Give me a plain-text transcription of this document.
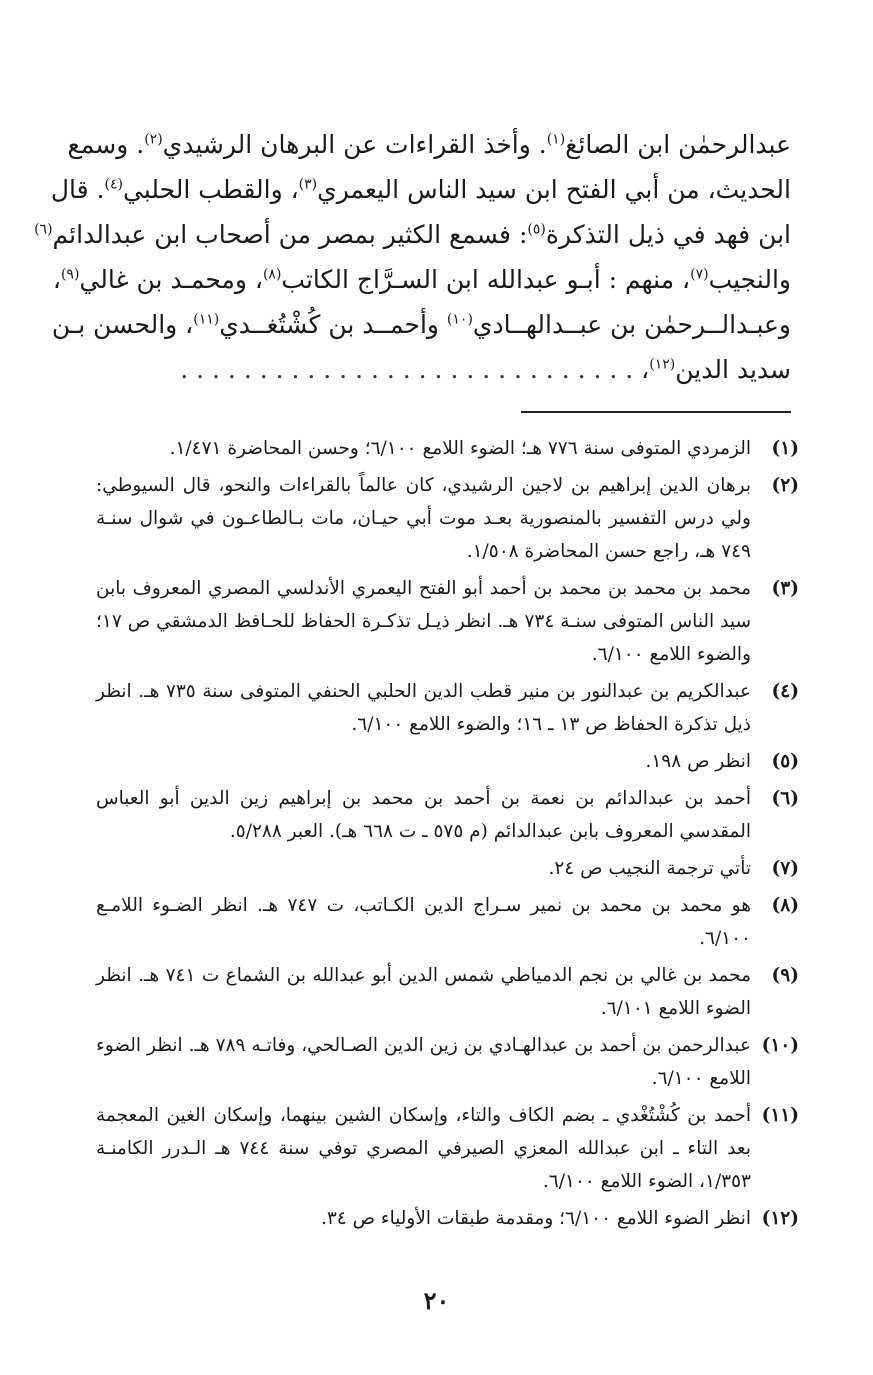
عبدالرحمٰن ابن الصائغ$^{(١)}$. وأخذ القراءات عن البرهان الرشيدي$^{(٢)}$. وسمع
الحديث، من أبي الفتح ابن سيد الناس اليعمري$^{(٣)}$، والقطب الحلبي$^{(٤)}$. قال
ابن فهد في ذيل التذكرة$^{(٥)}$: فسمع الكثير بمصر من أصحاب ابن عبدالدائم$^{(٦)}$
والنجيب$^{(٧)}$، منهم : أبـو عبدالله ابن السـرَّاج الكاتب$^{(٨)}$، ومحمـد بن غالي$^{(٩)}$،
وعبـدالــرحمٰن بن عبــدالهــادي$^{(١٠)}$ وأحمــد بن كُشْتُغــدي$^{(١١)}$، والحسن بـن
سديد الدين$^{(١٢)}$، . . . . . . . . . . . . . . . . . . . . . . . . . . . . .
(١)
الزمردي المتوفى سنة ٧٧٦ هـ؛ الضوء اللامع ٦/١٠٠؛ وحسن المحاضرة ١/٤٧١.
(٢)
برهان الدين إبراهيم بن لاجين الرشيدي، كان عالماً بالقراءات والنحو، قال السيوطي: ولي درس التفسير بالمنصورية بعـد موت أبي حيـان، مات بـالطاعـون في شوال سنـة ٧٤٩ هـ، راجع حسن المحاضرة ١/٥٠٨.
(٣)
محمد بن محمد بن محمد بن أحمد أبو الفتح اليعمري الأندلسي المصري المعروف بابن سيد الناس المتوفى سنـة ٧٣٤ هـ. انظر ذيـل تذكـرة الحفاظ للحـافظ الدمشقي ص ١٧؛ والضوء اللامع ٦/١٠٠.
(٤)
عبدالكريم بن عبدالنور بن منير قطب الدين الحلبي الحنفي المتوفى سنة ٧٣٥ هـ. انظر ذيل تذكرة الحفاظ ص ١٣ ـ ١٦؛ والضوء اللامع ٦/١٠٠.
(٥)
انظر ص ١٩٨.
(٦)
أحمد بن عبدالدائم بن نعمة بن أحمد بن محمد بن إبراهيم زين الدين أبو العباس المقدسي المعروف بابن عبدالدائم (م ٥٧٥ ـ ت ٦٦٨ هـ). العبر ٥/٢٨٨.
(٧)
تأتي ترجمة النجيب ص ٢٤.
(٨)
هو محمد بن محمد بن نمير سـراج الدين الكـاتب، ت ٧٤٧ هـ. انظر الضـوء اللامـع ٦/١٠٠.
(٩)
محمد بن غالي بن نجم الدمياطي شمس الدين أبو عبدالله بن الشماع ت ٧٤١ هـ. انظر الضوء اللامع ٦/١٠١.
(١٠)
عبدالرحمن بن أحمد بن عبدالهـادي بن زين الدين الصـالحي، وفاتـه ٧٨٩ هـ. انظر الضوء اللامع ٦/١٠٠.
(١١)
أحمد بن كُشْتُغْدي ـ بضم الكاف والتاء، وإسكان الشين بينهما، وإسكان الغين المعجمة بعد التاء ـ ابن عبدالله المعزي الصيرفي المصري توفي سنة ٧٤٤ هـ الـدرر الكامنـة ١/٣٥٣، الضوء اللامع ٦/١٠٠.
(١٢)
انظر الضوء اللامع ٦/١٠٠؛ ومقدمة طبقات الأولياء ص ٣٤.
٢٠
